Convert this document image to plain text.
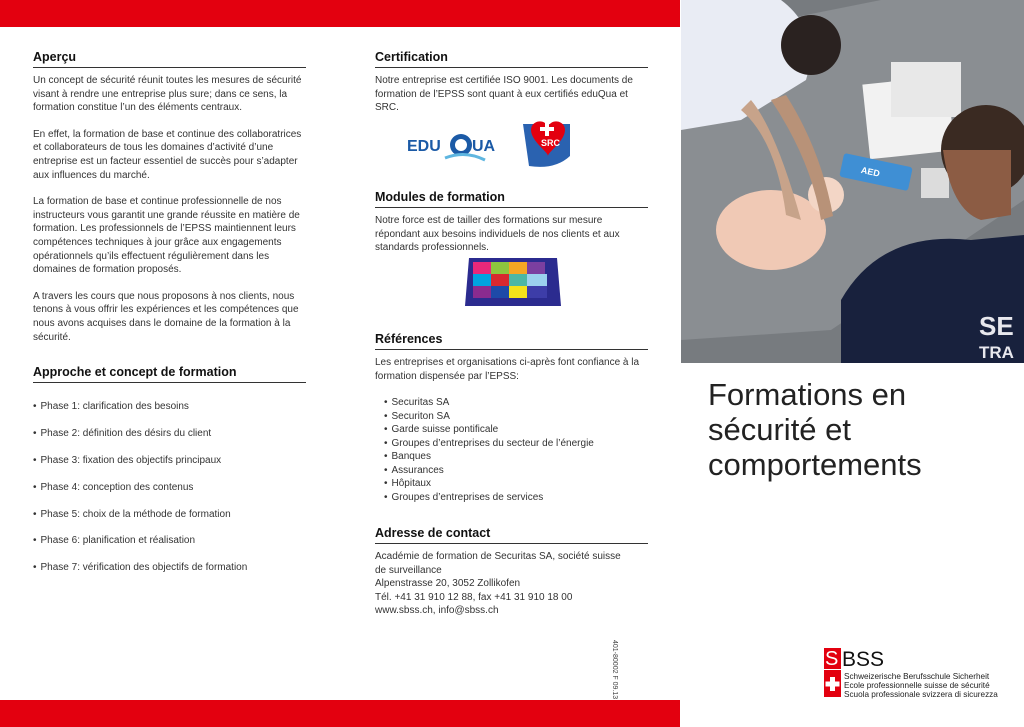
Aperçu

Un concept de sécurité réunit toutes les mesures de sécurité visant à rendre une entreprise plus sure; dans ce sens, la formation constitue l’un des éléments centraux.

En effet, la formation de base et continue des collaboratrices et collaborateurs de tous les domaines d’activité d’une entreprise est un facteur essentiel de succès pour s’adapter aux influences du marché.

La formation de base et continue professionnelle de nos instructeurs vous garantit une grande réussite en matière de formation. Les professionnels de l’EPSS maintiennent leurs compétences techniques à jour grâce aux engagements opérationnels qu’ils effectuent régulièrement dans les domaines de formation proposés.

A travers les cours que nous proposons à nos clients, nous tenons à vous offrir les expériences et les compétences que nous avons acquises dans le domaine de la formation à la sécurité.

Approche et concept de formation
• Phase 1: clarification des besoins
• Phase 2: définition des désirs du client
• Phase 3: fixation des objectifs principaux
• Phase 4: conception des contenus
• Phase 5: choix de la méthode de formation
• Phase 6: planification et réalisation
• Phase 7: vérification des objectifs de formation
Certification

Notre entreprise est certifiée ISO 9001. Les documents de formation de l’EPSS sont quant à eux certifiés eduQua et SRC.

EDU UA	SRC
Modules de formation

Notre force est de tailler des formations sur mesure répondant aux besoins individuels de nos clients et aux standards professionnels.

Références

Les entreprises et organisations ci-après font confiance à la formation dispensée par l’EPSS:

• Securitas SA
• Securiton SA
• Garde suisse pontificale
• Groupes d’entreprises du secteur de l’énergie
• Banques
• Assurances
• Hôpitaux
• Groupes d’entreprises de services
Adresse de contact

Académie de formation de Securitas SA, société suisse

de surveillance

Alpenstrasse 20, 3052 Zollikofen

Tél. +41 31 910 12 88, fax +41 31 910 18 00

www.sbss.ch, info@sbss.ch

401-80002 F 09.13
AED
SE
TRA
Formations en
sécurité et
comportements
S BSS
Schweizerische Berufsschule Sicherheit
Ecole professionnelle suisse de sécurité
Scuola professionale svizzera di sicurezza
